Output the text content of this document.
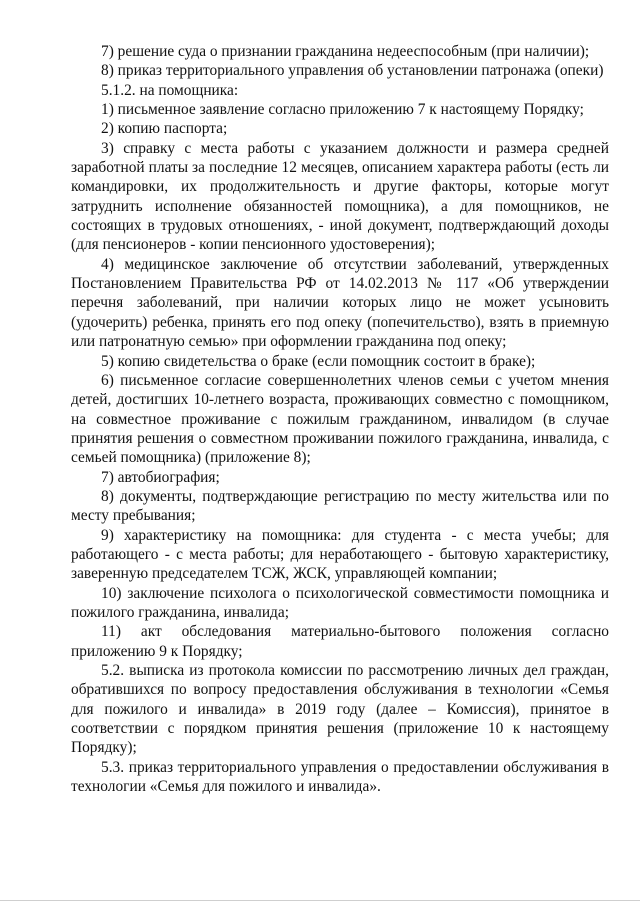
7) решение суда о признании гражданина недееспособным (при наличии);

8) приказ территориального управления об установлении патронажа (опеки)

5.1.2. на помощника:

1) письменное заявление согласно приложению 7 к настоящему Порядку;

2) копию паспорта;

3) справку с места работы с указанием должности и размера средней заработной платы за последние 12 месяцев, описанием характера работы (есть ли командировки, их продолжительность и другие факторы, которые могут затруднить исполнение обязанностей помощника), а для помощников, не состоящих в трудовых отношениях, - иной документ, подтверждающий доходы (для пенсионеров - копии пенсионного удостоверения);

4) медицинское заключение об отсутствии заболеваний, утвержденных Постановлением Правительства РФ от 14.02.2013 № 117 «Об утверждении перечня заболеваний, при наличии которых лицо не может усыновить (удочерить) ребенка, принять его под опеку (попечительство), взять в приемную или патронатную семью» при оформлении гражданина под опеку;

5) копию свидетельства о браке (если помощник состоит в браке);

6) письменное согласие совершеннолетних членов семьи с учетом мнения детей, достигших 10-летнего возраста, проживающих совместно с помощником, на совместное проживание с пожилым гражданином, инвалидом (в случае принятия решения о совместном проживании пожилого гражданина, инвалида, с семьей помощника) (приложение 8);

7) автобиография;

8) документы, подтверждающие регистрацию по месту жительства или по месту пребывания;

9) характеристику на помощника: для студента - с места учебы; для работающего - с места работы; для неработающего - бытовую характеристику, заверенную председателем ТСЖ, ЖСК, управляющей компании;

10) заключение психолога о психологической совместимости помощника и пожилого гражданина, инвалида;

11) акт обследования материально-бытового положения согласно приложению 9 к Порядку;

5.2. выписка из протокола комиссии по рассмотрению личных дел граждан, обратившихся по вопросу предоставления обслуживания в технологии «Семья для пожилого и инвалида» в 2019 году (далее – Комиссия), принятое в соответствии с порядком принятия решения (приложение 10 к настоящему Порядку);

5.3. приказ территориального управления о предоставлении обслуживания в технологии «Семья для пожилого и инвалида».
